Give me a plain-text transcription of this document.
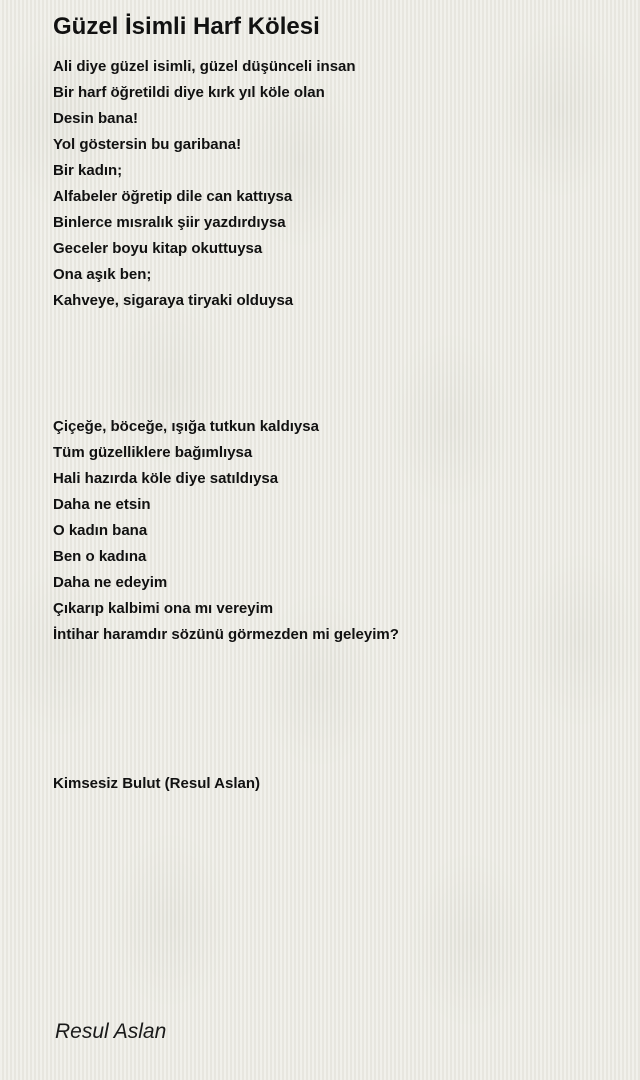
Güzel İsimli Harf Kölesi
Ali diye güzel isimli, güzel düşünceli insan
Bir harf öğretildi diye kırk yıl köle olan
Desin bana!
Yol göstersin bu garibana!
Bir kadın;
Alfabeler öğretip dile can kattıysa
Binlerce mısralık şiir yazdırdıysa
Geceler boyu kitap okuttuysa
Ona aşık ben;
Kahveye, sigaraya tiryaki olduysa
Çiçeğe, böceğe, ışığa tutkun kaldıysa
Tüm güzelliklere bağımlıysa
Hali hazırda köle diye satıldıysa
Daha ne etsin
O kadın bana
Ben o kadına
Daha ne edeyim
Çıkarıp kalbimi ona mı vereyim
İntihar haramdır sözünü görmezden mi geleyim?
Kimsesiz Bulut (Resul Aslan)
Resul Aslan
